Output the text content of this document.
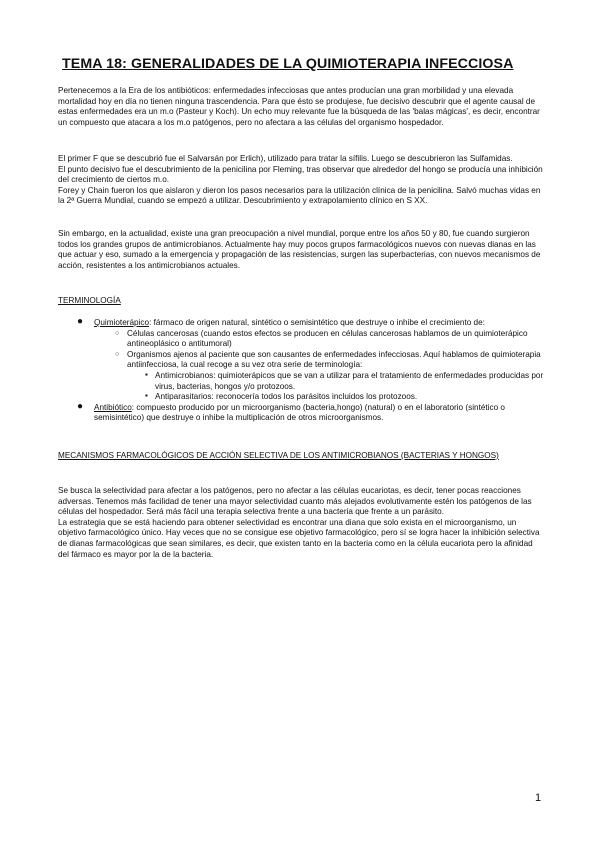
TEMA 18: GENERALIDADES DE LA QUIMIOTERAPIA INFECCIOSA

Pertenecemos a la Era de los antibióticos: enfermedades infecciosas que antes producían una gran morbilidad y una elevada mortalidad hoy en día no tienen ninguna trascendencia. Para que ésto se produjese, fue decisivo descubrir que el agente causal de estas enfermedades era un m.o (Pasteur y Koch). Un echo muy relevante fue la búsqueda de las 'balas mágicas', es decir, encontrar un compuesto que atacara a los m.o patógenos, pero no afectara a las células del organismo hospedador.

El primer F que se descubrió fue el Salvarsán por Erlich), utilizado para tratar la sífilis. Luego se descubrieron las Sulfamidas.

El punto decisivo fue el descubrimiento de la penicilina por Fleming, tras observar que alrededor del hongo se producía una inhibición del crecimiento de ciertos m.o.

Forey y Chain fueron los que aislaron y dieron los pasos necesarios para la utilización clínica de la penicilina. Salvó muchas vidas en la 2ª Guerra Mundial, cuando se empezó a utilizar. Descubrimiento y extrapolamiento clínico en S XX.

Sin embargo, en la actualidad, existe una gran preocupación a nivel mundial, porque entre los años 50 y 80, fue cuando surgieron todos los grandes grupos de antimicrobianos. Actualmente hay muy pocos grupos farmacológicos nuevos con nuevas dianas en las que actuar y eso, sumado a la emergencia y propagación de las resistencias, surgen las superbacterias, con nuevos mecanismos de acción, resistentes a los antimicrobianos actuales.

TERMINOLOGÍA

● Quimioterápico: fármaco de origen natural, sintético o semisintético que destruye o inhibe el crecimiento de:
○ Células cancerosas (cuando estos efectos se producen en células cancerosas hablamos de un quimioterápico antineoplásico o antitumoral)
○ Organismos ajenos al paciente que son causantes de enfermedades infecciosas. Aquí hablamos de quimioterapia antiinfecciosa, la cual recoge a su vez otra serie de terminología:
▪ Antimicrobianos: quimioterápicos que se van a utilizar para el tratamiento de enfermedades producidas por virus, bacterias, hongos y/o protozoos.
▪ Antiparasitarios: reconocería todos los parásitos incluidos los protozoos.
● Antibiótico: compuesto producido por un microorganismo (bacteria,hongo) (natural) o en el laboratorio (sintético o semisintético) que destruye o inhibe la multiplicación de otros microorganismos.

MECANISMOS FARMACOLÓGICOS DE ACCIÓN SELECTIVA DE LOS ANTIMICROBIANOS (BACTERIAS Y HONGOS)

Se busca la selectividad para afectar a los patógenos, pero no afectar a las células eucariotas, es decir, tener pocas reacciones adversas. Tenemos más facilidad de tener una mayor selectividad cuanto más alejados evolutivamente estén los patógenos de las células del hospedador. Será más fácil una terapia selectiva frente a una bacteria que frente a un parásito.

La estrategia que se está haciendo para obtener selectividad es encontrar una diana que solo exista en el microorganismo, un objetivo farmacológico único. Hay veces que no se consigue ese objetivo farmacológico, pero sí se logra hacer la inhibición selectiva de dianas farmacológicas que sean similares, es decir, que existen tanto en la bacteria como en la célula eucariota pero la afinidad del fármaco es mayor por la de la bacteria.

1
